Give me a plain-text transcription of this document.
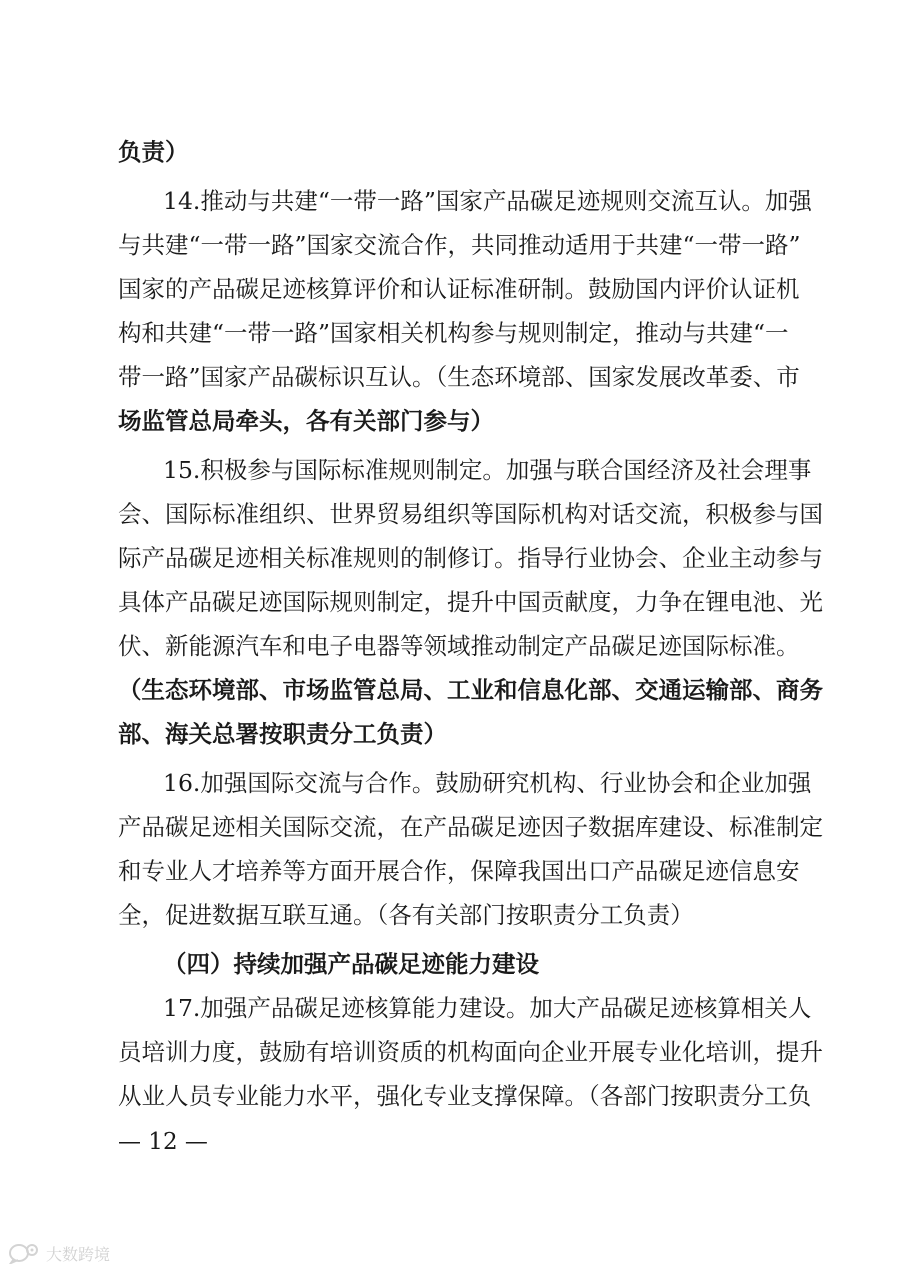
负责）
14.推动与共建“一带一路”国家产品碳足迹规则交流互认。加强
与共建“一带一路”国家交流合作，共同推动适用于共建“一带一路”
国家的产品碳足迹核算评价和认证标准研制。鼓励国内评价认证机
构和共建“一带一路”国家相关机构参与规则制定，推动与共建“一
带一路”国家产品碳标识互认。（生态环境部、国家发展改革委、市
场监管总局牵头，各有关部门参与）
15.积极参与国际标准规则制定。加强与联合国经济及社会理事
会、国际标准组织、世界贸易组织等国际机构对话交流，积极参与国
际产品碳足迹相关标准规则的制修订。指导行业协会、企业主动参与
具体产品碳足迹国际规则制定，提升中国贡献度，力争在锂电池、光
伏、新能源汽车和电子电器等领域推动制定产品碳足迹国际标准。
（生态环境部、市场监管总局、工业和信息化部、交通运输部、商务
部、海关总署按职责分工负责）
16.加强国际交流与合作。鼓励研究机构、行业协会和企业加强
产品碳足迹相关国际交流，在产品碳足迹因子数据库建设、标准制定
和专业人才培养等方面开展合作，保障我国出口产品碳足迹信息安
全，促进数据互联互通。（各有关部门按职责分工负责）
（四）持续加强产品碳足迹能力建设
17.加强产品碳足迹核算能力建设。加大产品碳足迹核算相关人
员培训力度，鼓励有培训资质的机构面向企业开展专业化培训，提升
从业人员专业能力水平，强化专业支撑保障。（各部门按职责分工负
— 12 —
大数跨境
